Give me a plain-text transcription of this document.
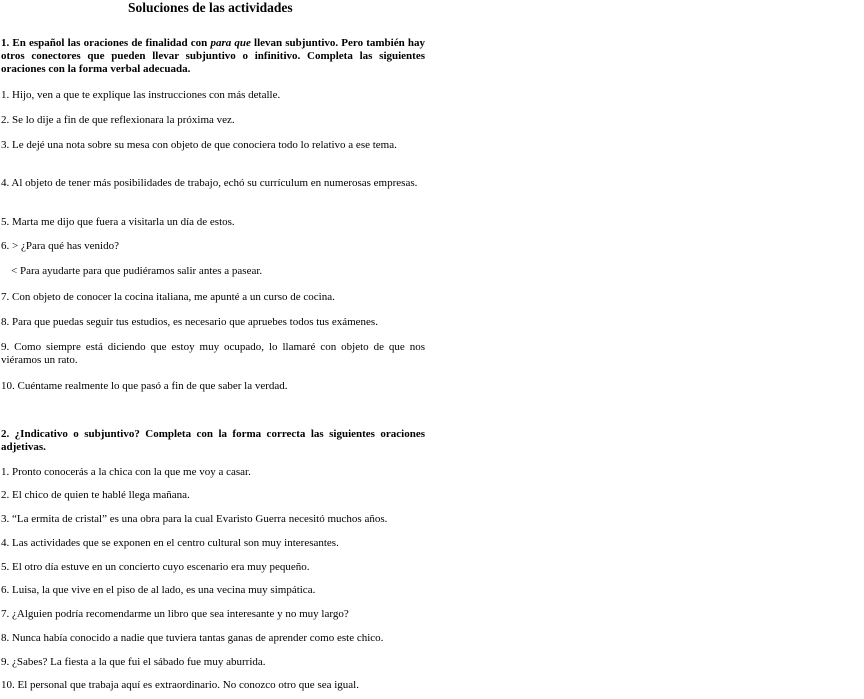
Soluciones de las actividades
1. En español las oraciones de finalidad con para que llevan subjuntivo. Pero también hay otros conectores que pueden llevar subjuntivo o infinitivo. Completa las siguientes oraciones con la forma verbal adecuada.
1. Hijo, ven a que te explique las instrucciones con más detalle.
2. Se lo dije a fin de que reflexionara la próxima vez.
3. Le dejé una nota sobre su mesa con objeto de que conociera todo lo relativo a ese tema.
4. Al objeto de tener más posibilidades de trabajo, echó su currículum en numerosas empresas.
5. Marta me dijo que fuera a visitarla un día de estos.
6. > ¿Para qué has venido?
< Para ayudarte para que pudiéramos salir antes a pasear.
7. Con objeto de conocer la cocina italiana, me apunté a un curso de cocina.
8. Para que puedas seguir tus estudios, es necesario que apruebes todos tus exámenes.
9. Como siempre está diciendo que estoy muy ocupado, lo llamaré con objeto de que nos viéramos un rato.
10. Cuéntame realmente lo que pasó a fin de que saber la verdad.
2. ¿Indicativo o subjuntivo? Completa con la forma correcta las siguientes oraciones adjetivas.
1. Pronto conocerás a la chica con la que me voy a casar.
2. El chico de quien te hablé llega mañana.
3. “La ermita de cristal” es una obra para la cual Evaristo Guerra necesitó muchos años.
4. Las actividades que se exponen en el centro cultural son muy interesantes.
5. El otro día estuve en un concierto cuyo escenario era muy pequeño.
6. Luisa, la que vive en el piso de al lado, es una vecina muy simpática.
7. ¿Alguien podría recomendarme un libro que sea interesante y no muy largo?
8. Nunca había conocido a nadie que tuviera tantas ganas de aprender como este chico.
9. ¿Sabes? La fiesta a la que fui el sábado fue muy aburrida.
10. El personal que trabaja aquí es extraordinario. No conozco otro que sea igual.
